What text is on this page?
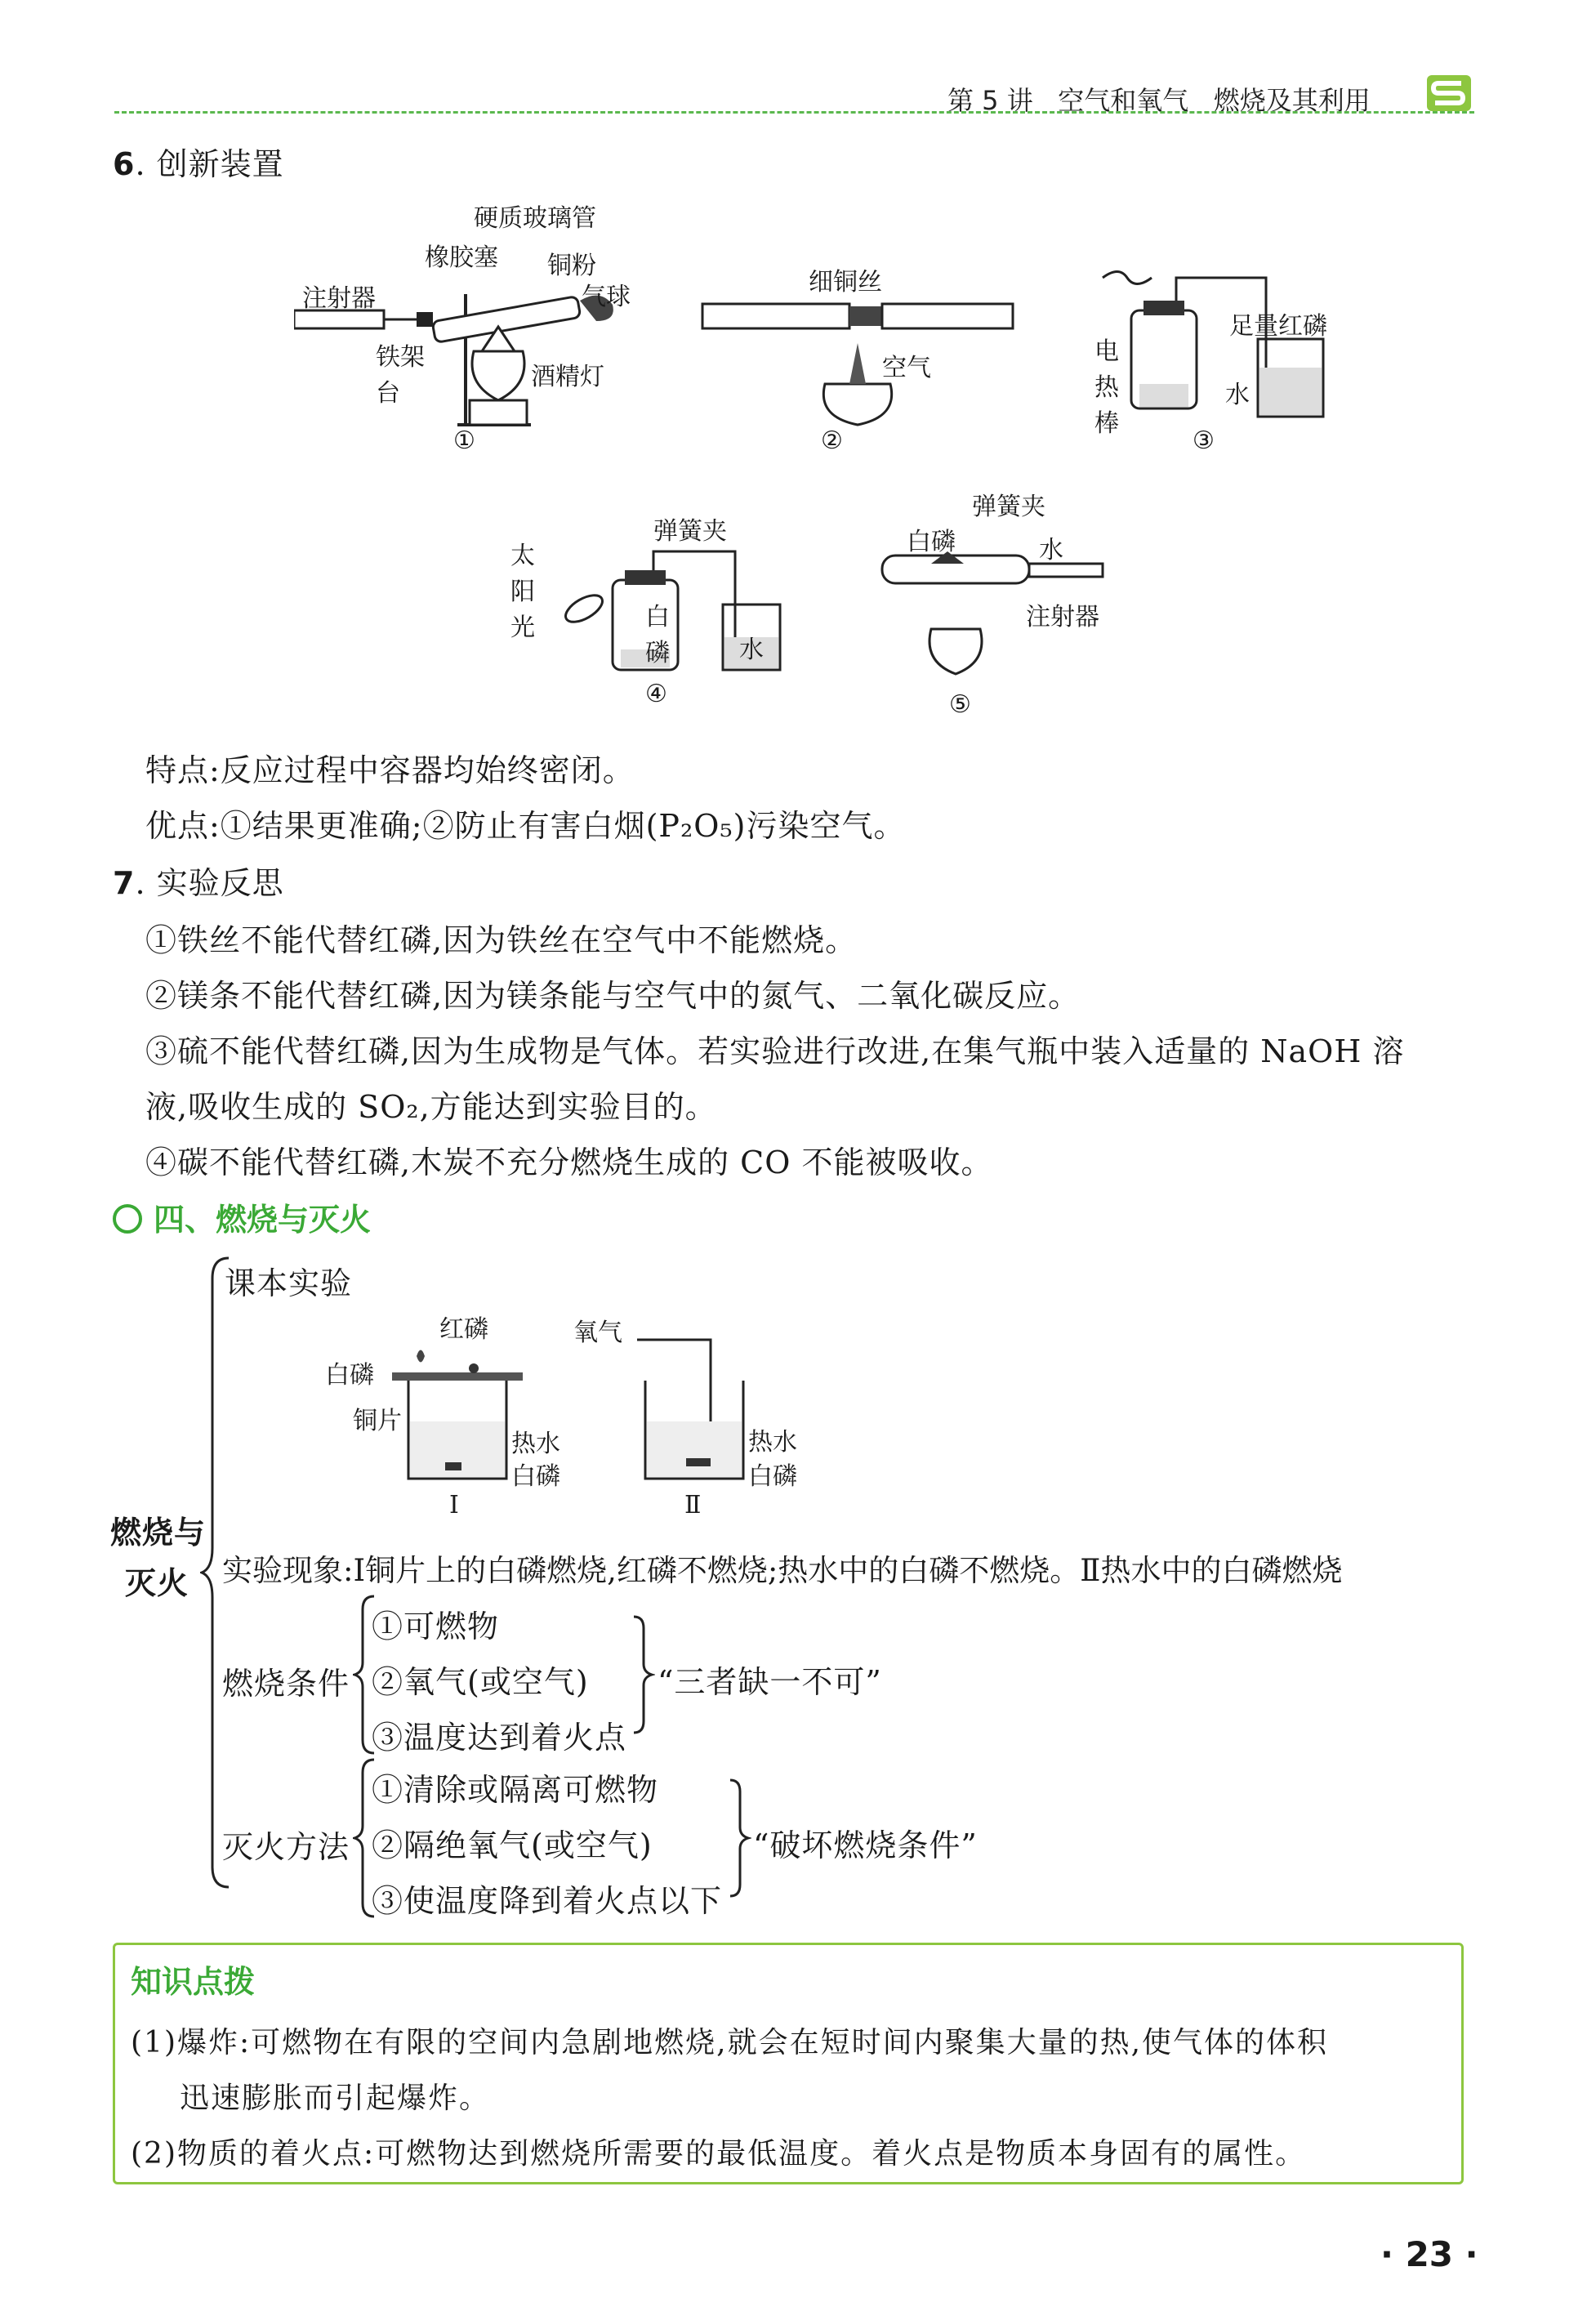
第 5 讲 空气和氧气 燃烧及其利用
6. 创新装置
硬质玻璃管
橡胶塞 铜粉
气球
注射器
铁架台
酒精灯
①
细铜丝
空气
②
足量红磷
电热棒
水
③
太阳光
弹簧夹
白磷	水
④
弹簧夹
白磷	水
注射器
⑤
特点:反应过程中容器均始终密闭。
优点:①结果更准确;②防止有害白烟(P₂O₅)污染空气。
7. 实验反思
①铁丝不能代替红磷,因为铁丝在空气中不能燃烧。
②镁条不能代替红磷,因为镁条能与空气中的氮气、二氧化碳反应。
③硫不能代替红磷,因为生成物是气体。若实验进行改进,在集气瓶中装入适量的 NaOH 溶
液,吸收生成的 SO₂,方能达到实验目的。
④碳不能代替红磷,木炭不充分燃烧生成的 CO 不能被吸收。
四、燃烧与灭火
燃烧与
灭火
课本实验
红磷
白磷
铜片
热水
白磷
Ⅰ
氧气
热水
白磷
Ⅱ
实验现象:Ⅰ铜片上的白磷燃烧,红磷不燃烧;热水中的白磷不燃烧。Ⅱ热水中的白磷燃烧
燃烧条件
①可燃物
②氧气(或空气)
③温度达到着火点
“三者缺一不可”
灭火方法
①清除或隔离可燃物
②隔绝氧气(或空气)
③使温度降到着火点以下
“破坏燃烧条件”
知识点拨
(1)爆炸:可燃物在有限的空间内急剧地燃烧,就会在短时间内聚集大量的热,使气体的体积
迅速膨胀而引起爆炸。
(2)物质的着火点:可燃物达到燃烧所需要的最低温度。着火点是物质本身固有的属性。
· 23 ·
